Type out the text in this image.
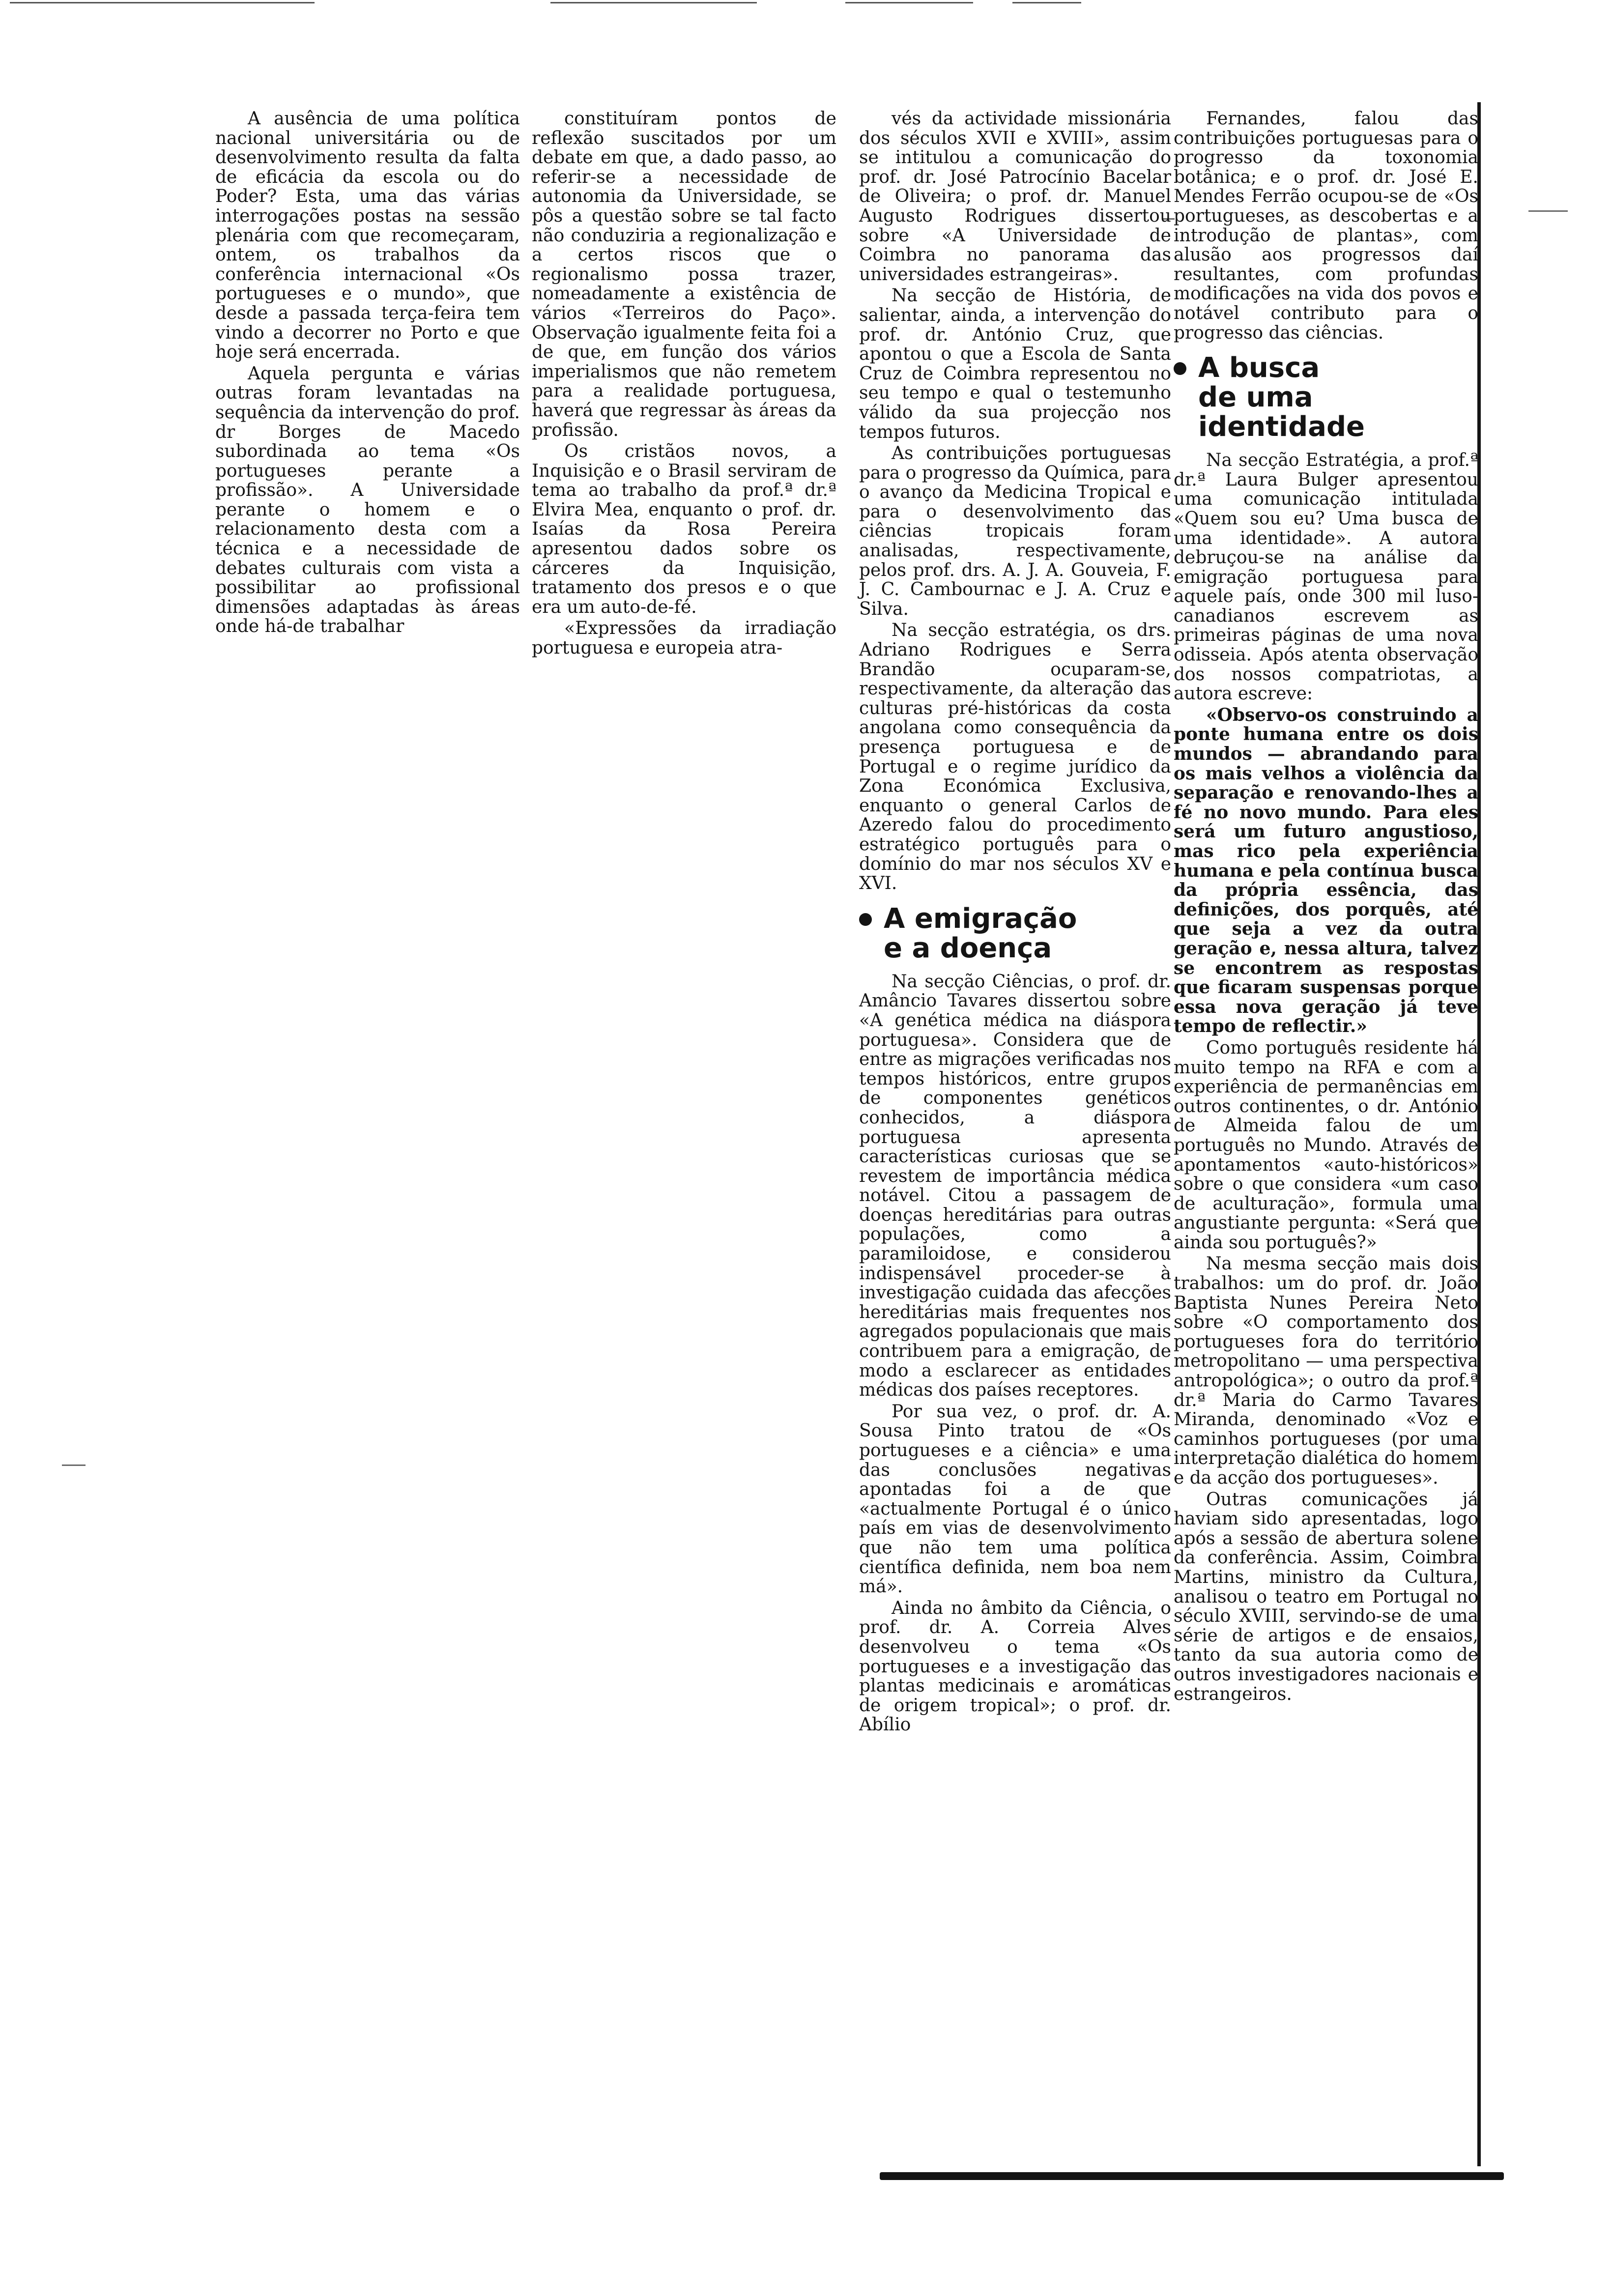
A ausência de uma política nacional universitária ou de desenvolvimento resulta da falta de eficácia da escola ou do Poder? Esta, uma das várias interrogações postas na sessão plenária com que recomeçaram, ontem, os trabalhos da conferência internacional «Os portugueses e o mundo», que desde a passada terça-feira tem vindo a decorrer no Porto e que hoje será encerrada.

Aquela pergunta e várias outras foram levantadas na sequência da intervenção do prof. dr Borges de Macedo subordinada ao tema «Os portugueses perante a profissão». A Universidade perante o homem e o relacionamento desta com a técnica e a necessidade de debates culturais com vista a possibilitar ao profissional dimensões adaptadas às áreas onde há-de trabalhar

constituíram pontos de reflexão suscitados por um debate em que, a dado passo, ao referir-se a necessidade de autonomia da Universidade, se pôs a questão sobre se tal facto não conduziria a regionalização e a certos riscos que o regionalismo possa trazer, nomeadamente a existência de vários «Terreiros do Paço». Observação igualmente feita foi a de que, em função dos vários imperialismos que não remetem para a realidade portuguesa, haverá que regressar às áreas da profissão.

Os cristãos novos, a Inquisição e o Brasil serviram de tema ao trabalho da prof.ª dr.ª Elvira Mea, enquanto o prof. dr. Isaías da Rosa Pereira apresentou dados sobre os cárceres da Inquisição, tratamento dos presos e o que era um auto-de-fé.

«Expressões da irradiação portuguesa e europeia atra-

vés da actividade missionária dos séculos XVII e XVIII», assim se intitulou a comunicação do prof. dr. José Patrocínio Bacelar de Oliveira; o prof. dr. Manuel Augusto Rodrigues dissertou sobre «A Universidade de Coimbra no panorama das universidades estrangeiras».

Na secção de História, de salientar, ainda, a intervenção do prof. dr. António Cruz, que apontou o que a Escola de Santa Cruz de Coimbra representou no seu tempo e qual o testemunho válido da sua projecção nos tempos futuros.

As contribuições portuguesas para o progresso da Química, para o avanço da Medicina Tropical e para o desenvolvimento das ciências tropicais foram analisadas, respectivamente, pelos prof. drs. A. J. A. Gouveia, F. J. C. Cambournac e J. A. Cruz e Silva.

Na secção estratégia, os drs. Adriano Rodrigues e Serra Brandão ocuparam-se, respectivamente, da alteração das culturas pré-históricas da costa angolana como consequência da presença portuguesa e de Portugal e o regime jurídico da Zona Económica Exclusiva, enquanto o general Carlos de Azeredo falou do procedimento estratégico português para o domínio do mar nos séculos XV e XVI.

A emigração
e a doença

Na secção Ciências, o prof. dr. Amâncio Tavares dissertou sobre «A genética médica na diáspora portuguesa». Considera que de entre as migrações verificadas nos tempos históricos, entre grupos de componentes genéticos conhecidos, a diáspora portuguesa apresenta características curiosas que se revestem de importância médica notável. Citou a passagem de doenças hereditárias para outras populações, como a paramiloidose, e considerou indispensável proceder-se à investigação cuidada das afecções hereditárias mais frequentes nos agregados populacionais que mais contribuem para a emigração, de modo a esclarecer as entidades médicas dos países receptores.

Por sua vez, o prof. dr. A. Sousa Pinto tratou de «Os portugueses e a ciência» e uma das conclusões negativas apontadas foi a de que «actualmente Portugal é o único país em vias de desenvolvimento que não tem uma política científica definida, nem boa nem má».

Ainda no âmbito da Ciência, o prof. dr. A. Correia Alves desenvolveu o tema «Os portugueses e a investigação das plantas medicinais e aromáticas de origem tropical»; o prof. dr. Abílio

Fernandes, falou das contribuições portuguesas para o progresso da toxonomia botânica; e o prof. dr. José E. Mendes Ferrão ocupou-se de «Os portugueses, as descobertas e a introdução de plantas», com alusão aos progressos daí resultantes, com profundas modificações na vida dos povos e notável contributo para o progresso das ciências.

A busca
de uma
identidade

Na secção Estratégia, a prof.ª dr.ª Laura Bulger apresentou uma comunicação intitulada «Quem sou eu? Uma busca de uma identidade». A autora debruçou-se na análise da emigração portuguesa para aquele país, onde 300 mil luso-canadianos escrevem as primeiras páginas de uma nova odisseia. Após atenta observação dos nossos compatriotas, a autora escreve:

«Observo-os construindo a ponte humana entre os dois mundos — abrandando para os mais velhos a violência da separação e renovando-lhes a fé no novo mundo. Para eles será um futuro angustioso, mas rico pela experiência humana e pela contínua busca da própria essência, das definições, dos porquês, até que seja a vez da outra geração e, nessa altura, talvez se encontrem as respostas que ficaram suspensas porque essa nova geração já teve tempo de reflectir.»

Como português residente há muito tempo na RFA e com a experiência de permanências em outros continentes, o dr. António de Almeida falou de um português no Mundo. Através de apontamentos «auto-históricos» sobre o que considera «um caso de aculturação», formula uma angustiante pergunta: «Será que ainda sou português?»

Na mesma secção mais dois trabalhos: um do prof. dr. João Baptista Nunes Pereira Neto sobre «O comportamento dos portugueses fora do território metropolitano — uma perspectiva antropológica»; o outro da prof.ª dr.ª Maria do Carmo Tavares Miranda, denominado «Voz e caminhos portugueses (por uma interpretação dialética do homem e da acção dos portugueses».

Outras comunicações já haviam sido apresentadas, logo após a sessão de abertura solene da conferência. Assim, Coimbra Martins, ministro da Cultura, analisou o teatro em Portugal no século XVIII, servindo-se de uma série de artigos e de ensaios, tanto da sua autoria como de outros investigadores nacionais e estrangeiros.
